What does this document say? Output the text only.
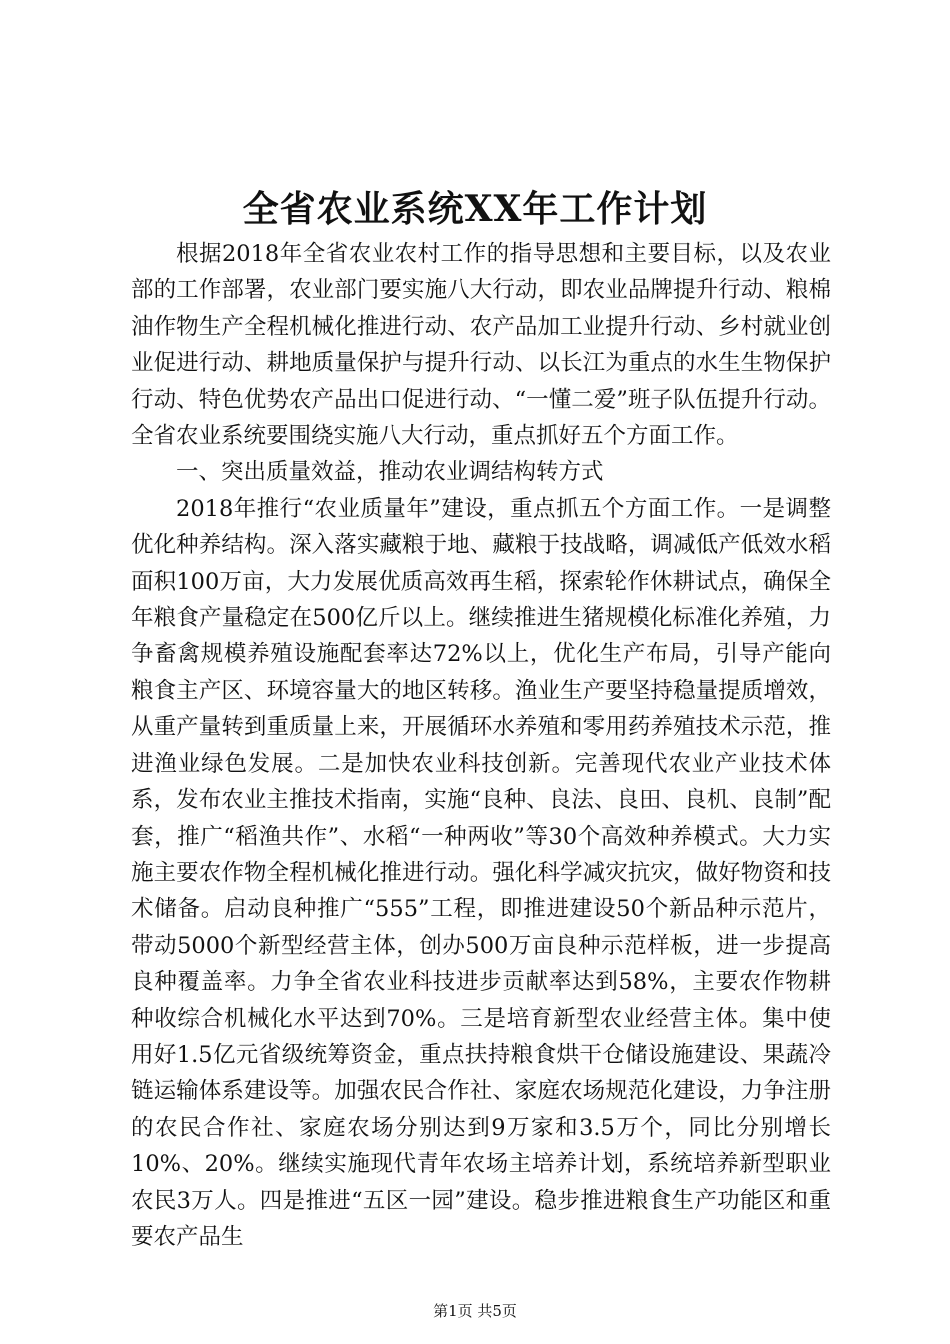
全省农业系统XX年工作计划

根据2018年全省农业农村工作的指导思想和主要目标，以及农业部的工作部署，农业部门要实施八大行动，即农业品牌提升行动、粮棉油作物生产全程机械化推进行动、农产品加工业提升行动、乡村就业创业促进行动、耕地质量保护与提升行动、以长江为重点的水生生物保护行动、特色优势农产品出口促进行动、“一懂二爱”班子队伍提升行动。全省农业系统要围绕实施八大行动，重点抓好五个方面工作。

一、突出质量效益，推动农业调结构转方式

2018年推行“农业质量年”建设，重点抓五个方面工作。一是调整优化种养结构。深入落实藏粮于地、藏粮于技战略，调减低产低效水稻面积100万亩，大力发展优质高效再生稻，探索轮作休耕试点，确保全年粮食产量稳定在500亿斤以上。继续推进生猪规模化标准化养殖，力争畜禽规模养殖设施配套率达72%以上，优化生产布局，引导产能向粮食主产区、环境容量大的地区转移。渔业生产要坚持稳量提质增效，从重产量转到重质量上来，开展循环水养殖和零用药养殖技术示范，推进渔业绿色发展。二是加快农业科技创新。完善现代农业产业技术体系，发布农业主推技术指南，实施“良种、良法、良田、良机、良制”配套，推广“稻渔共作”、水稻“一种两收”等30个高效种养模式。大力实施主要农作物全程机械化推进行动。强化科学减灾抗灾，做好物资和技术储备。启动良种推广“555”工程，即推进建设50个新品种示范片，带动5000个新型经营主体，创办500万亩良种示范样板，进一步提高良种覆盖率。力争全省农业科技进步贡献率达到58%，主要农作物耕种收综合机械化水平达到70%。三是培育新型农业经营主体。集中使用好1.5亿元省级统筹资金，重点扶持粮食烘干仓储设施建设、果蔬冷链运输体系建设等。加强农民合作社、家庭农场规范化建设，力争注册的农民合作社、家庭农场分别达到9万家和3.5万个，同比分别增长10%、20%。继续实施现代青年农场主培养计划，系统培养新型职业农民3万人。四是推进“五区一园”建设。稳步推进粮食生产功能区和重要农产品生

第1页 共5页
